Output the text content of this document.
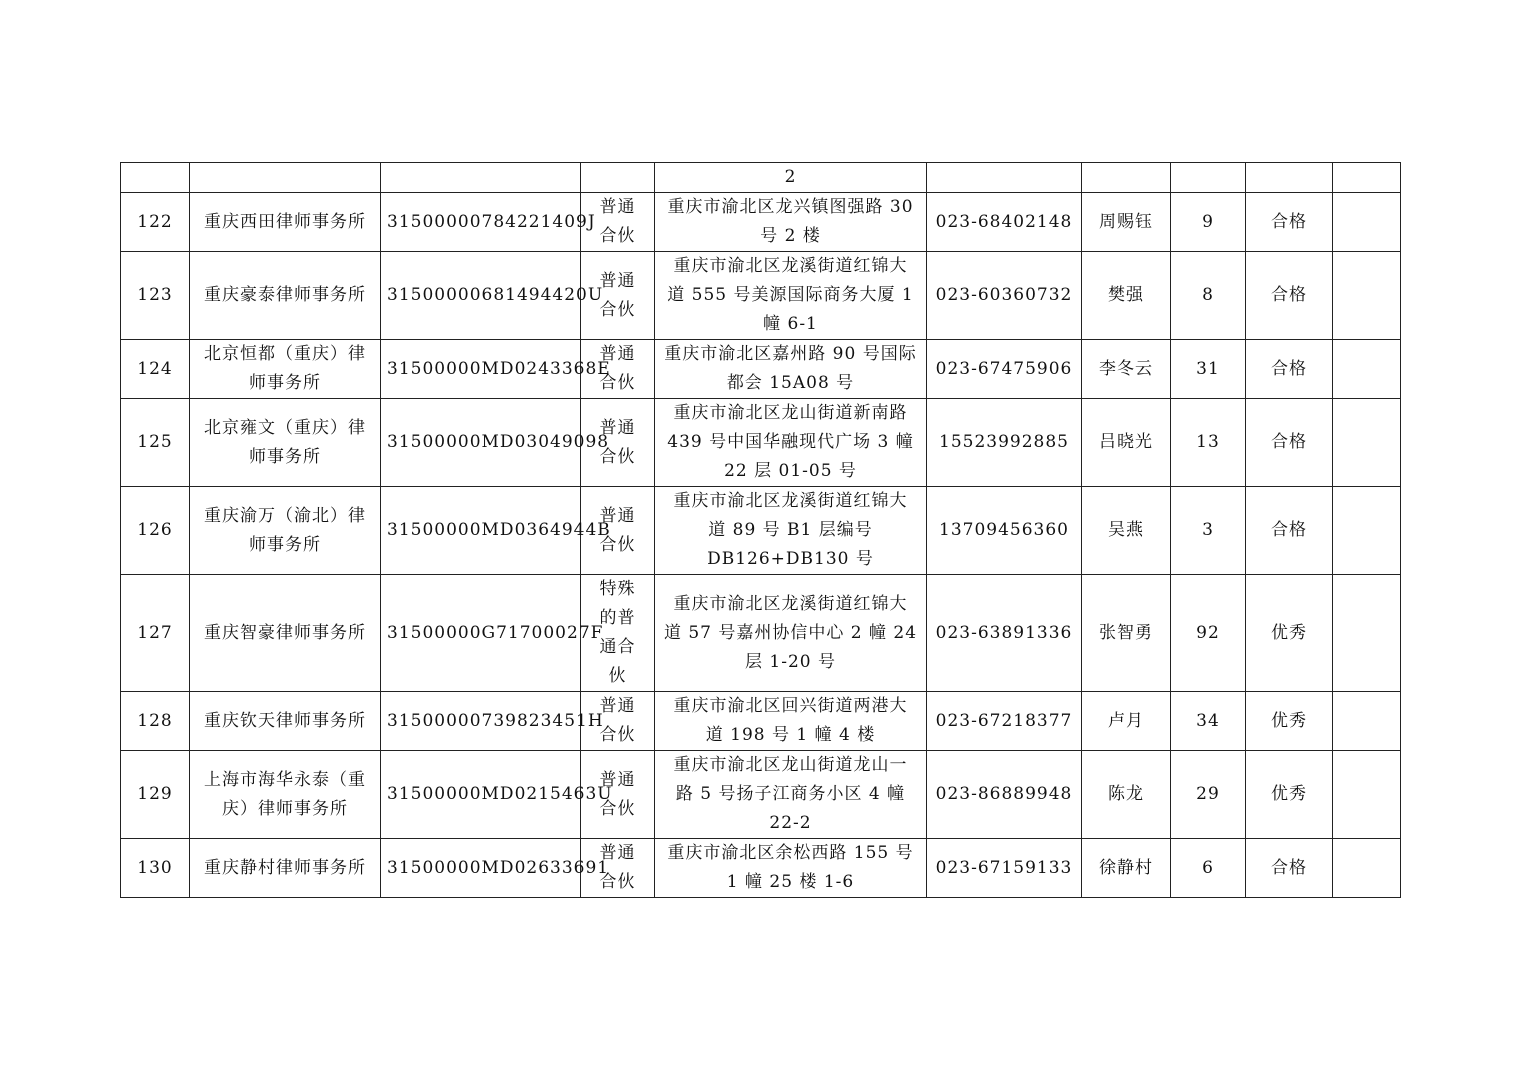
				2					
122	重庆西田律师事务所	31500000784221409J	普通
合伙	重庆市渝北区龙兴镇图强路 30
号 2 楼	023-68402148	周赐钰	9	合格	
123	重庆豪泰律师事务所	31500000681494420U	普通
合伙	重庆市渝北区龙溪街道红锦大
道 555 号美源国际商务大厦 1
幢 6-1	023-60360732	樊强	8	合格	
124	北京恒都（重庆）律
师事务所	31500000MD0243368E	普通
合伙	重庆市渝北区嘉州路 90 号国际
都会 15A08 号	023-67475906	李冬云	31	合格	
125	北京雍文（重庆）律
师事务所	31500000MD03049098	普通
合伙	重庆市渝北区龙山街道新南路
439 号中国华融现代广场 3 幢
22 层 01-05 号	15523992885	吕晓光	13	合格	
126	重庆渝万（渝北）律
师事务所	31500000MD0364944B	普通
合伙	重庆市渝北区龙溪街道红锦大
道 89 号 B1 层编号
DB126+DB130 号	13709456360	吴燕	3	合格	
127	重庆智豪律师事务所	31500000G71700027F	特殊
的普
通合
伙	重庆市渝北区龙溪街道红锦大
道 57 号嘉州协信中心 2 幢 24
层 1-20 号	023-63891336	张智勇	92	优秀	
128	重庆钦天律师事务所	31500000739823451H	普通
合伙	重庆市渝北区回兴街道两港大
道 198 号 1 幢 4 楼	023-67218377	卢月	34	优秀	
129	上海市海华永泰（重
庆）律师事务所	31500000MD0215463U	普通
合伙	重庆市渝北区龙山街道龙山一
路 5 号扬子江商务小区 4 幢
22-2	023-86889948	陈龙	29	优秀	
130	重庆静村律师事务所	31500000MD02633691	普通
合伙	重庆市渝北区余松西路 155 号
1 幢 25 楼 1-6	023-67159133	徐静村	6	合格	
